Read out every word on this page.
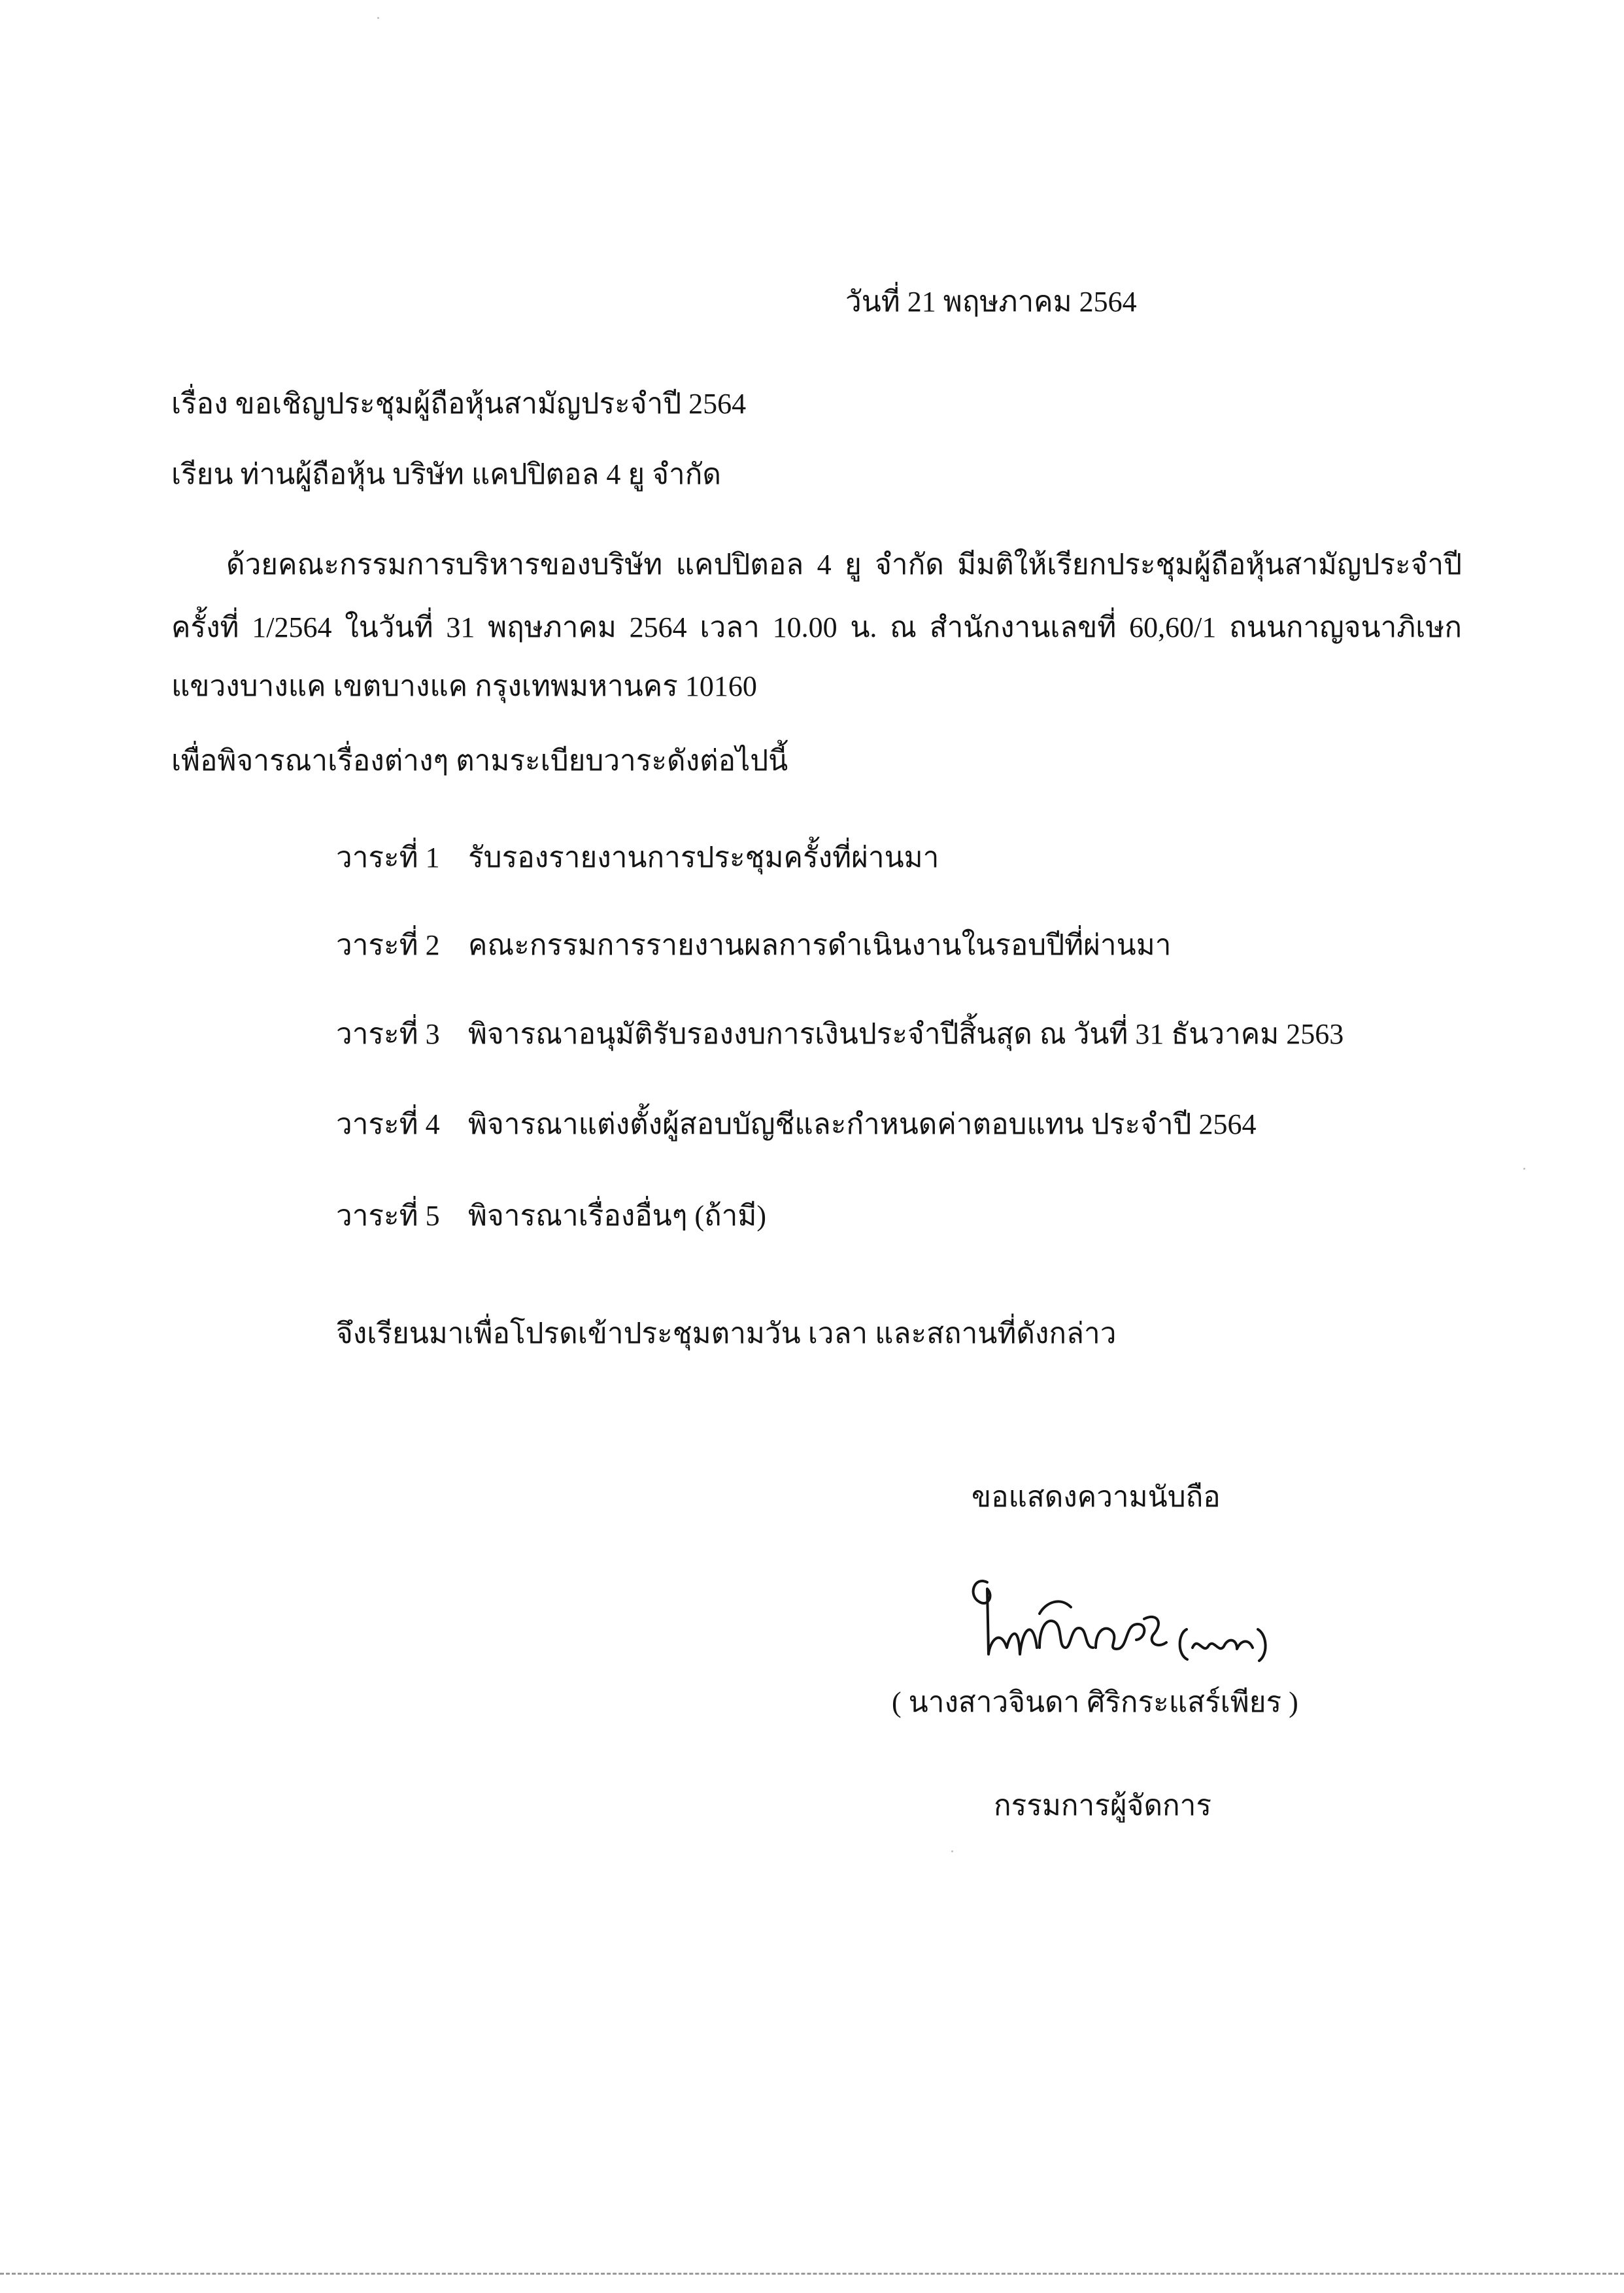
วันที่ 21 พฤษภาคม 2564
เรื่อง ขอเชิญประชุมผู้ถือหุ้นสามัญประจำปี 2564
เรียน ท่านผู้ถือหุ้น บริษัท แคปปิตอล 4 ยู จำกัด
ด้วยคณะกรรมการบริหารของบริษัท แคปปิตอล 4 ยู จำกัด มีมติให้เรียกประชุมผู้ถือหุ้นสามัญประจำปี
ครั้งที่ 1/2564 ในวันที่ 31 พฤษภาคม 2564 เวลา 10.00 น. ณ สำนักงานเลขที่ 60,60/1 ถนนกาญจนาภิเษก
แขวงบางแค เขตบางแค กรุงเทพมหานคร 10160
เพื่อพิจารณาเรื่องต่างๆ ตามระเบียบวาระดังต่อไปนี้
วาระที่ 1 รับรองรายงานการประชุมครั้งที่ผ่านมา
วาระที่ 2 คณะกรรมการรายงานผลการดำเนินงานในรอบปีที่ผ่านมา
วาระที่ 3 พิจารณาอนุมัติรับรองงบการเงินประจำปีสิ้นสุด ณ วันที่ 31 ธันวาคม 2563
วาระที่ 4 พิจารณาแต่งตั้งผู้สอบบัญชีและกำหนดค่าตอบแทน ประจำปี 2564
วาระที่ 5 พิจารณาเรื่องอื่นๆ (ถ้ามี)
จึงเรียนมาเพื่อโปรดเข้าประชุมตามวัน เวลา และสถานที่ดังกล่าว
ขอแสดงความนับถือ
( นางสาวจินดา ศิริกระแสร์เพียร )
กรรมการผู้จัดการ
